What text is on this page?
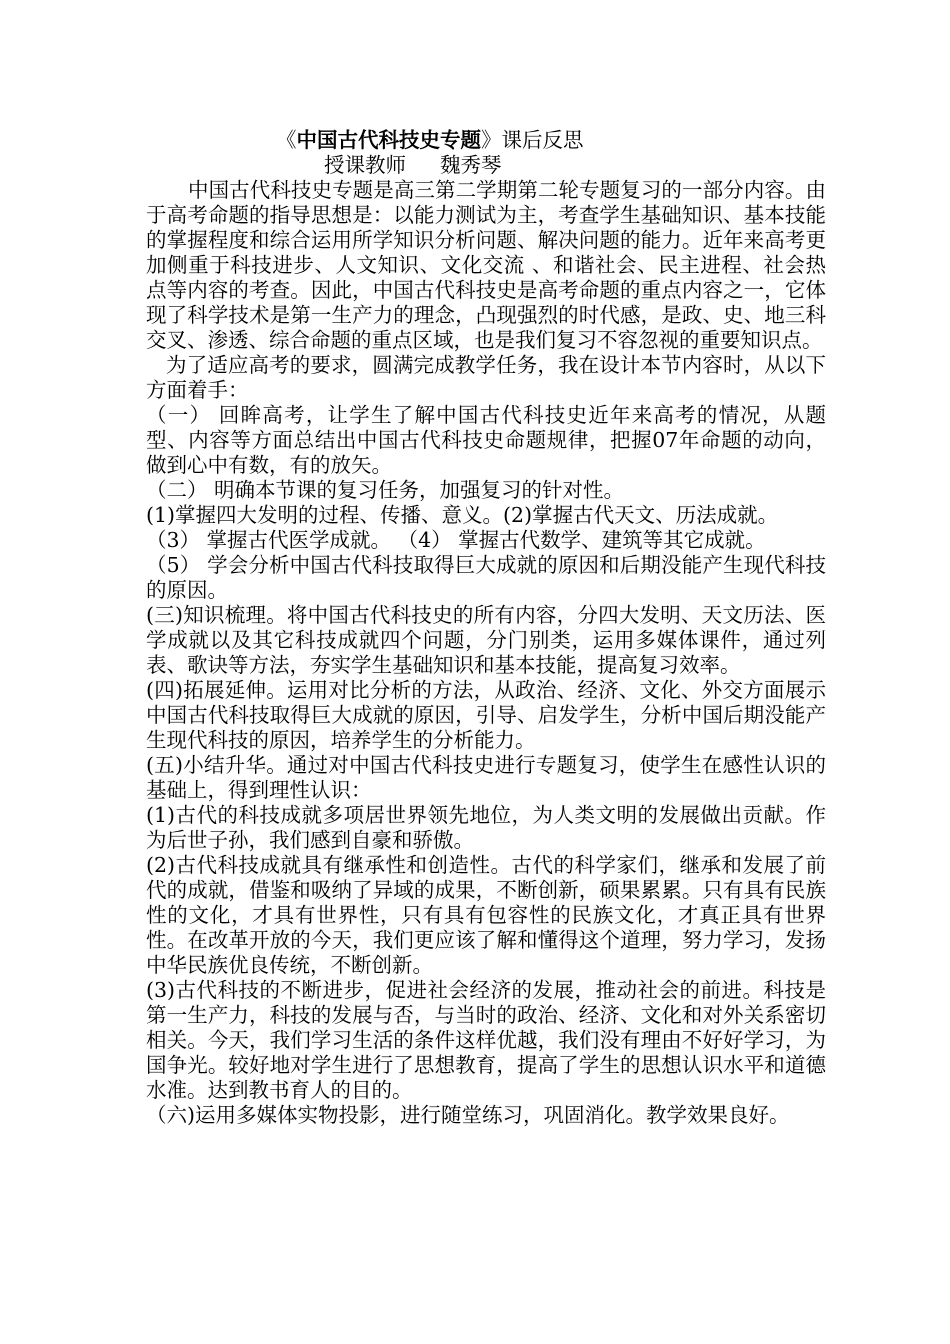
《中国古代科技史专题》课后反思

授课教师 魏秀琴

中国古代科技史专题是高三第二学期第二轮专题复习的一部分内容。由于高考命题的指导思想是：以能力测试为主，考查学生基础知识、基本技能的掌握程度和综合运用所学知识分析问题、解决问题的能力。近年来高考更加侧重于科技进步、人文知识、文化交流 、和谐社会、民主进程、社会热点等内容的考查。因此，中国古代科技史是高考命题的重点内容之一，它体现了科学技术是第一生产力的理念，凸现强烈的时代感，是政、史、地三科交叉、渗透、综合命题的重点区域，也是我们复习不容忽视的重要知识点。

为了适应高考的要求，圆满完成教学任务，我在设计本节内容时，从以下方面着手：

（一） 回眸高考，让学生了解中国古代科技史近年来高考的情况，从题型、内容等方面总结出中国古代科技史命题规律，把握07年命题的动向，做到心中有数，有的放矢。

（二） 明确本节课的复习任务，加强复习的针对性。

(1)掌握四大发明的过程、传播、意义。(2)掌握古代天文、历法成就。

（3） 掌握古代医学成就。 （4） 掌握古代数学、建筑等其它成就。

（5） 学会分析中国古代科技取得巨大成就的原因和后期没能产生现代科技的原因。

(三)知识梳理。将中国古代科技史的所有内容，分四大发明、天文历法、医学成就以及其它科技成就四个问题，分门别类，运用多媒体课件，通过列表、歌诀等方法，夯实学生基础知识和基本技能，提高复习效率。

(四)拓展延伸。运用对比分析的方法，从政治、经济、文化、外交方面展示中国古代科技取得巨大成就的原因，引导、启发学生，分析中国后期没能产生现代科技的原因，培养学生的分析能力。

(五)小结升华。通过对中国古代科技史进行专题复习，使学生在感性认识的基础上，得到理性认识：

(1)古代的科技成就多项居世界领先地位，为人类文明的发展做出贡献。作为后世子孙，我们感到自豪和骄傲。

(2)古代科技成就具有继承性和创造性。古代的科学家们，继承和发展了前代的成就，借鉴和吸纳了异域的成果，不断创新，硕果累累。只有具有民族性的文化，才具有世界性，只有具有包容性的民族文化，才真正具有世界性。在改革开放的今天，我们更应该了解和懂得这个道理，努力学习，发扬中华民族优良传统，不断创新。

(3)古代科技的不断进步，促进社会经济的发展，推动社会的前进。科技是第一生产力，科技的发展与否，与当时的政治、经济、文化和对外关系密切相关。今天，我们学习生活的条件这样优越，我们没有理由不好好学习，为国争光。较好地对学生进行了思想教育，提高了学生的思想认识水平和道德水准。达到教书育人的目的。

（六)运用多媒体实物投影，进行随堂练习，巩固消化。教学效果良好。
